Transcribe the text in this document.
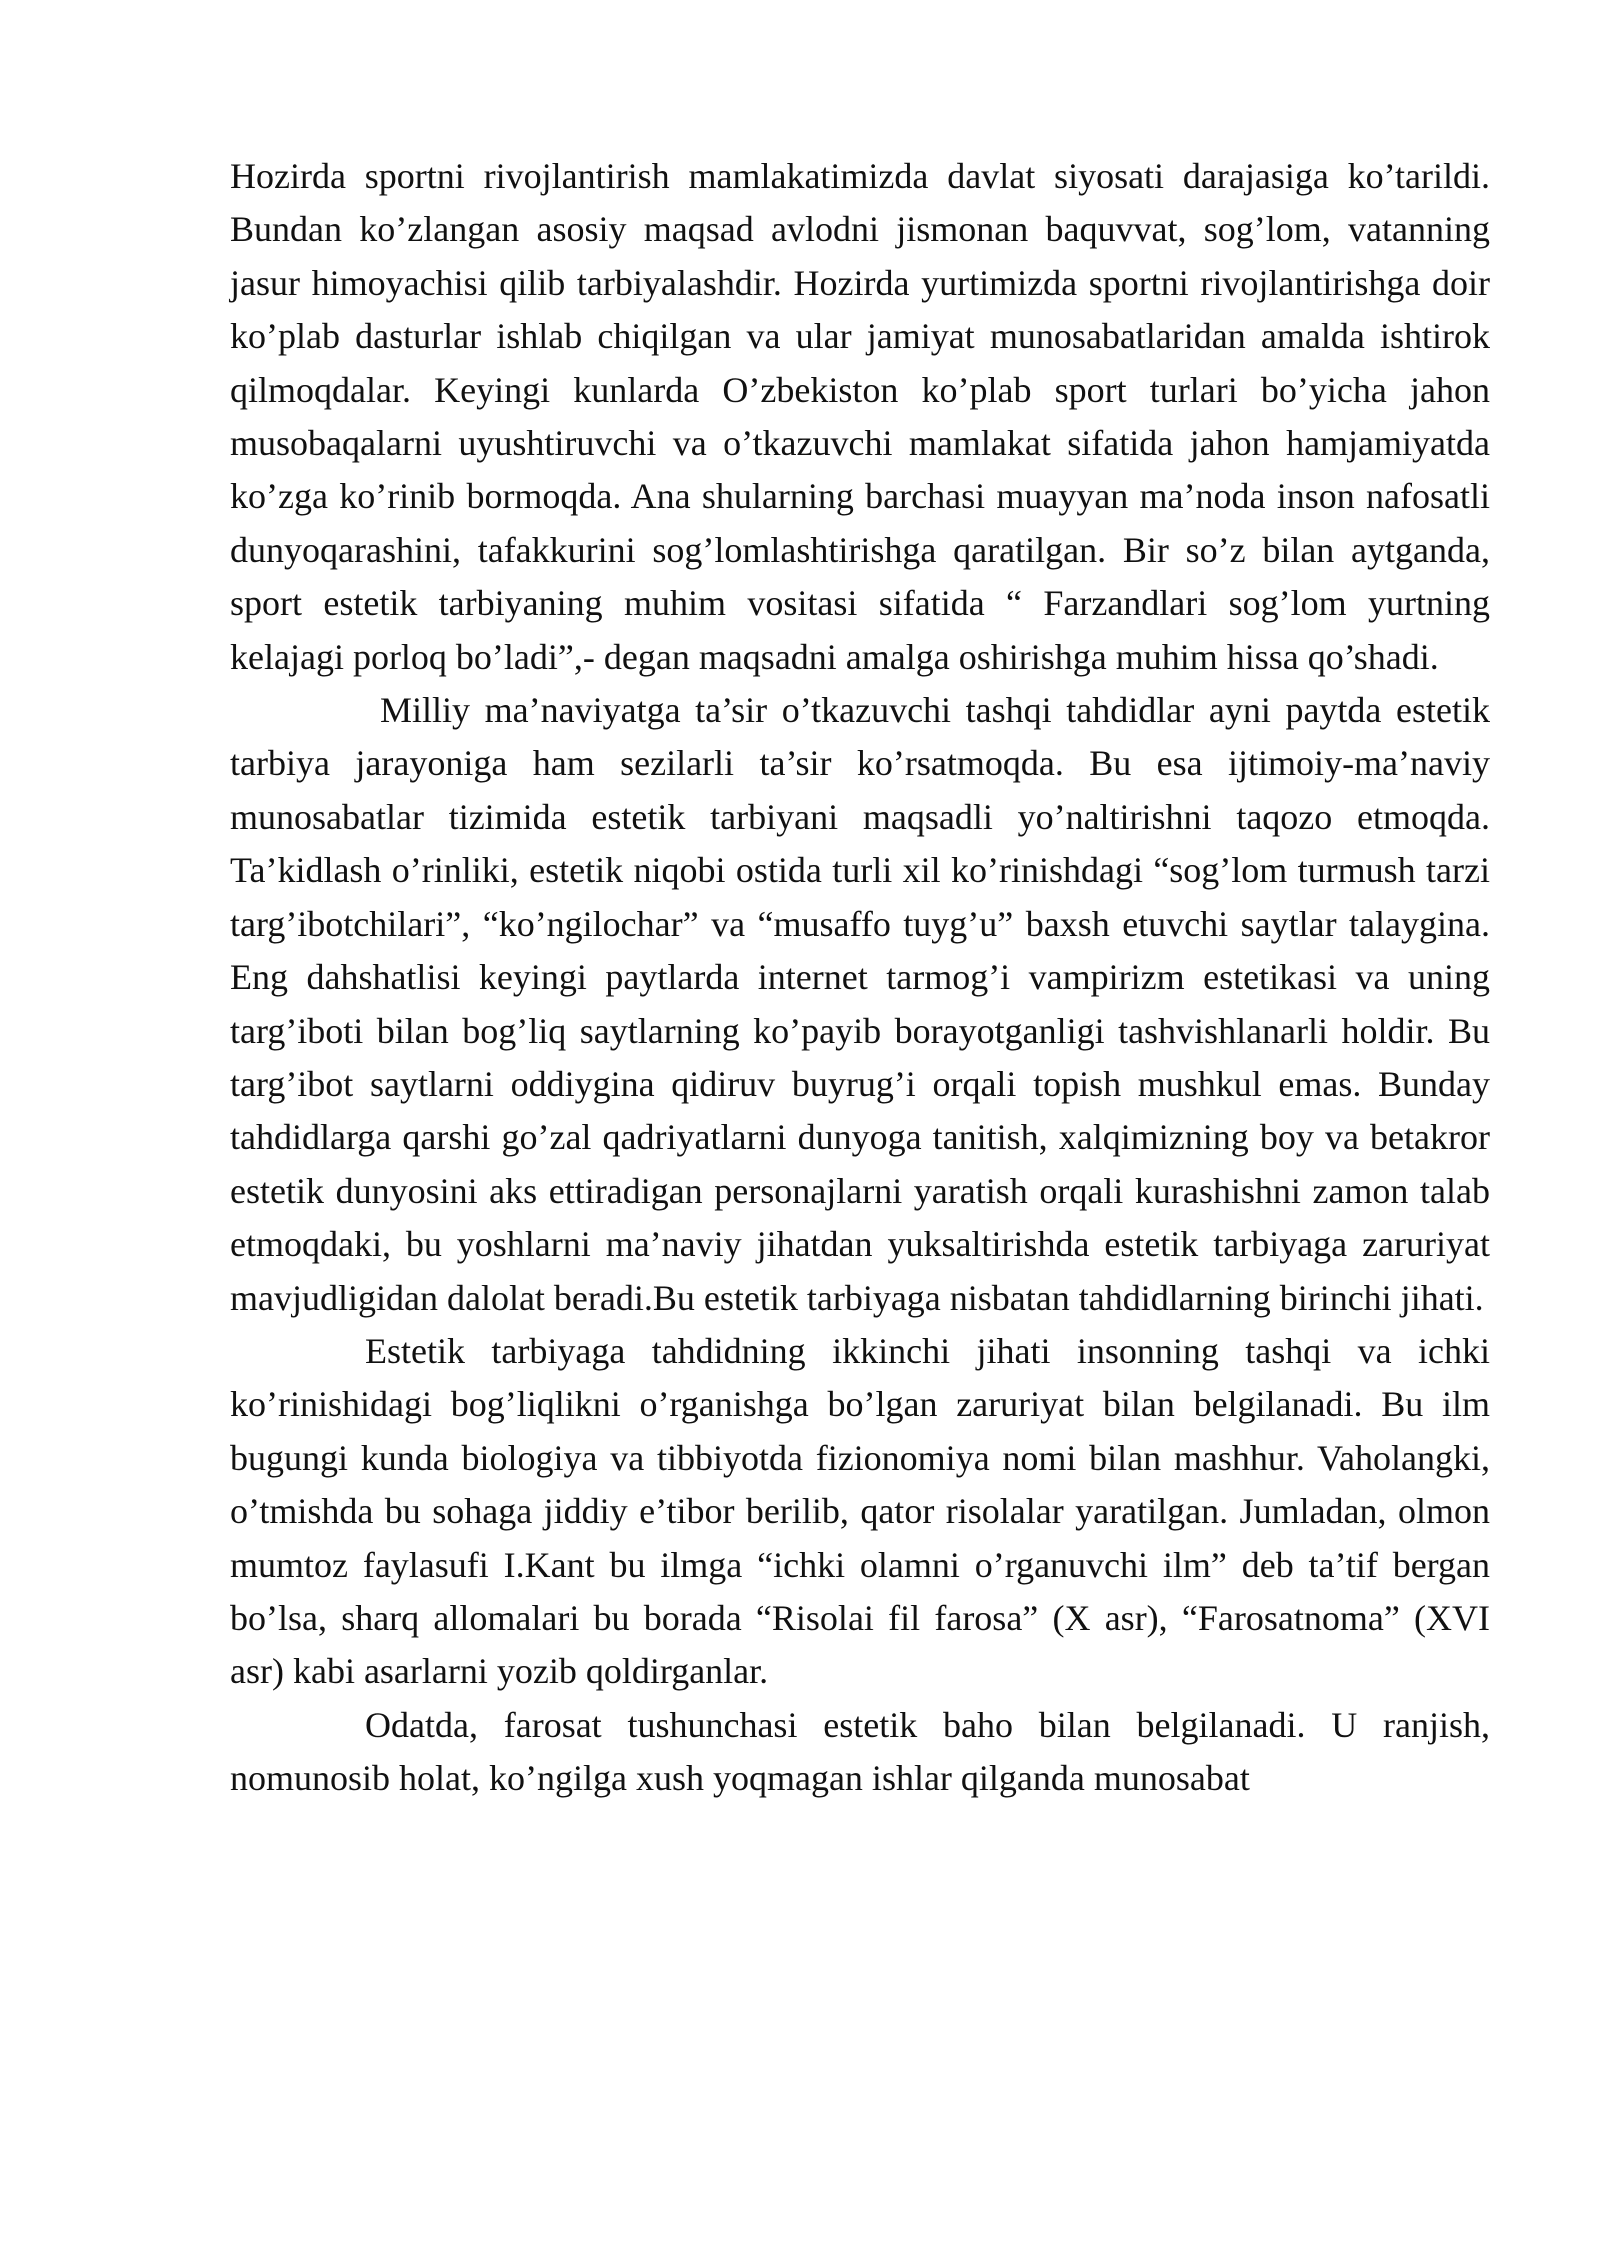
Hozirda sportni rivojlantirish mamlakatimizda davlat siyosati darajasiga ko’tarildi. Bundan ko’zlangan asosiy maqsad avlodni jismonan baquvvat, sog’lom, vatanning jasur himoyachisi qilib tarbiyalashdir. Hozirda yurtimizda sportni rivojlantirishga doir ko’plab dasturlar ishlab chiqilgan va ular jamiyat munosabatlaridan amalda ishtirok qilmoqdalar. Keyingi kunlarda O’zbekiston ko’plab sport turlari bo’yicha jahon musobaqalarni uyushtiruvchi va o’tkazuvchi mamlakat sifatida jahon hamjamiyatda ko’zga ko’rinib bormoqda. Ana shularning barchasi muayyan ma’noda inson nafosatli dunyoqarashini, tafakkurini sog’lomlashtirishga qaratilgan. Bir so’z bilan aytganda, sport estetik tarbiyaning muhim vositasi sifatida “ Farzandlari sog’lom yurtning kelajagi porloq bo’ladi”,- degan maqsadni amalga oshirishga muhim hissa qo’shadi.

Milliy ma’naviyatga ta’sir o’tkazuvchi tashqi tahdidlar ayni paytda estetik tarbiya jarayoniga ham sezilarli ta’sir ko’rsatmoqda. Bu esa ijtimoiy-ma’naviy munosabatlar tizimida estetik tarbiyani maqsadli yo’naltirishni taqozo etmoqda. Ta’kidlash o’rinliki, estetik niqobi ostida turli xil ko’rinishdagi “sog’lom turmush tarzi targ’ibotchilari”, “ko’ngilochar” va “musaffo tuyg’u” baxsh etuvchi saytlar talaygina. Eng dahshatlisi keyingi paytlarda internet tarmog’i vampirizm estetikasi va uning targ’iboti bilan bog’liq saytlarning ko’payib borayotganligi tashvishlanarli holdir. Bu targ’ibot saytlarni oddiygina qidiruv buyrug’i orqali topish mushkul emas. Bunday tahdidlarga qarshi go’zal qadriyatlarni dunyoga tanitish, xalqimizning boy va betakror estetik dunyosini aks ettiradigan personajlarni yaratish orqali kurashishni zamon talab etmoqdaki, bu yoshlarni ma’naviy jihatdan yuksaltirishda estetik tarbiyaga zaruriyat mavjudligidan dalolat beradi.Bu estetik tarbiyaga nisbatan tahdidlarning birinchi jihati.

Estetik tarbiyaga tahdidning ikkinchi jihati insonning tashqi va ichki ko’rinishidagi bog’liqlikni o’rganishga bo’lgan zaruriyat bilan belgilanadi. Bu ilm bugungi kunda biologiya va tibbiyotda fizionomiya nomi bilan mashhur. Vaholangki, o’tmishda bu sohaga jiddiy e’tibor berilib, qator risolalar yaratilgan. Jumladan, olmon mumtoz faylasufi I.Kant bu ilmga “ichki olamni o’rganuvchi ilm” deb ta’tif bergan bo’lsa, sharq allomalari bu borada “Risolai fil farosa” (X asr), “Farosatnoma” (XVI asr) kabi asarlarni yozib qoldirganlar.

Odatda, farosat tushunchasi estetik baho bilan belgilanadi. U ranjish, nomunosib holat, ko’ngilga xush yoqmagan ishlar qilganda munosabat
